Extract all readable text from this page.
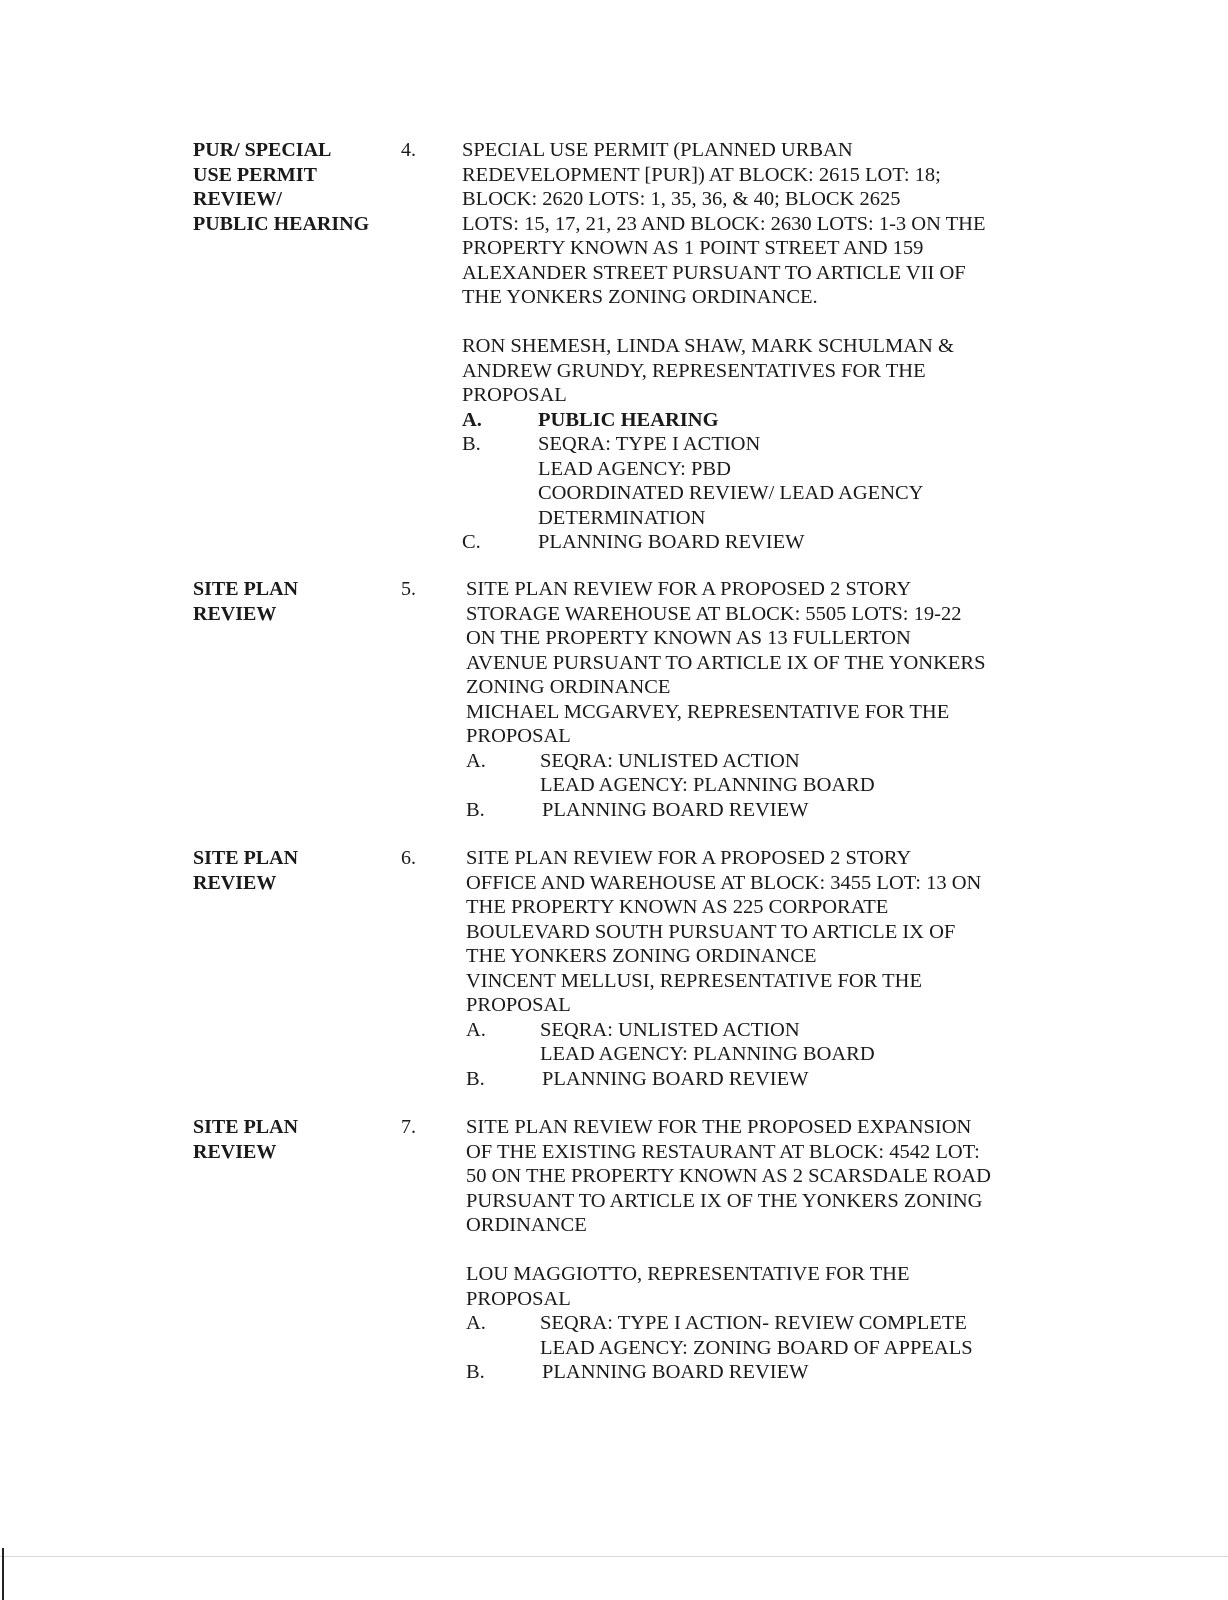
PUR/ SPECIAL
USE PERMIT
REVIEW/
PUBLIC HEARING
4. SPECIAL USE PERMIT (PLANNED URBAN
REDEVELOPMENT [PUR]) AT BLOCK: 2615 LOT: 18;
BLOCK: 2620 LOTS: 1, 35, 36, & 40; BLOCK 2625
LOTS: 15, 17, 21, 23 AND BLOCK: 2630 LOTS: 1-3 ON THE
PROPERTY KNOWN AS 1 POINT STREET AND 159
ALEXANDER STREET PURSUANT TO ARTICLE VII OF
THE YONKERS ZONING ORDINANCE.
RON SHEMESH, LINDA SHAW, MARK SCHULMAN &
ANDREW GRUNDY, REPRESENTATIVES FOR THE
PROPOSAL
A.	PUBLIC HEARING
B.	SEQRA: TYPE I ACTION
LEAD AGENCY: PBD
COORDINATED REVIEW/ LEAD AGENCY
DETERMINATION
C.	PLANNING BOARD REVIEW
SITE PLAN
REVIEW
5. SITE PLAN REVIEW FOR A PROPOSED 2 STORY
STORAGE WAREHOUSE AT BLOCK: 5505 LOTS: 19-22
ON THE PROPERTY KNOWN AS 13 FULLERTON
AVENUE PURSUANT TO ARTICLE IX OF THE YONKERS
ZONING ORDINANCE
MICHAEL MCGARVEY, REPRESENTATIVE FOR THE
PROPOSAL
A.	SEQRA: UNLISTED ACTION
LEAD AGENCY: PLANNING BOARD
B.	PLANNING BOARD REVIEW
SITE PLAN
REVIEW
6. SITE PLAN REVIEW FOR A PROPOSED 2 STORY
OFFICE AND WAREHOUSE AT BLOCK: 3455 LOT: 13 ON
THE PROPERTY KNOWN AS 225 CORPORATE
BOULEVARD SOUTH PURSUANT TO ARTICLE IX OF
THE YONKERS ZONING ORDINANCE
VINCENT MELLUSI, REPRESENTATIVE FOR THE
PROPOSAL
A.	SEQRA: UNLISTED ACTION
LEAD AGENCY: PLANNING BOARD
B.	PLANNING BOARD REVIEW
SITE PLAN
REVIEW
7. SITE PLAN REVIEW FOR THE PROPOSED EXPANSION
OF THE EXISTING RESTAURANT AT BLOCK: 4542 LOT:
50 ON THE PROPERTY KNOWN AS 2 SCARSDALE ROAD
PURSUANT TO ARTICLE IX OF THE YONKERS ZONING
ORDINANCE
LOU MAGGIOTTO, REPRESENTATIVE FOR THE
PROPOSAL
A.	SEQRA: TYPE I ACTION- REVIEW COMPLETE
LEAD AGENCY: ZONING BOARD OF APPEALS
B.	PLANNING BOARD REVIEW
